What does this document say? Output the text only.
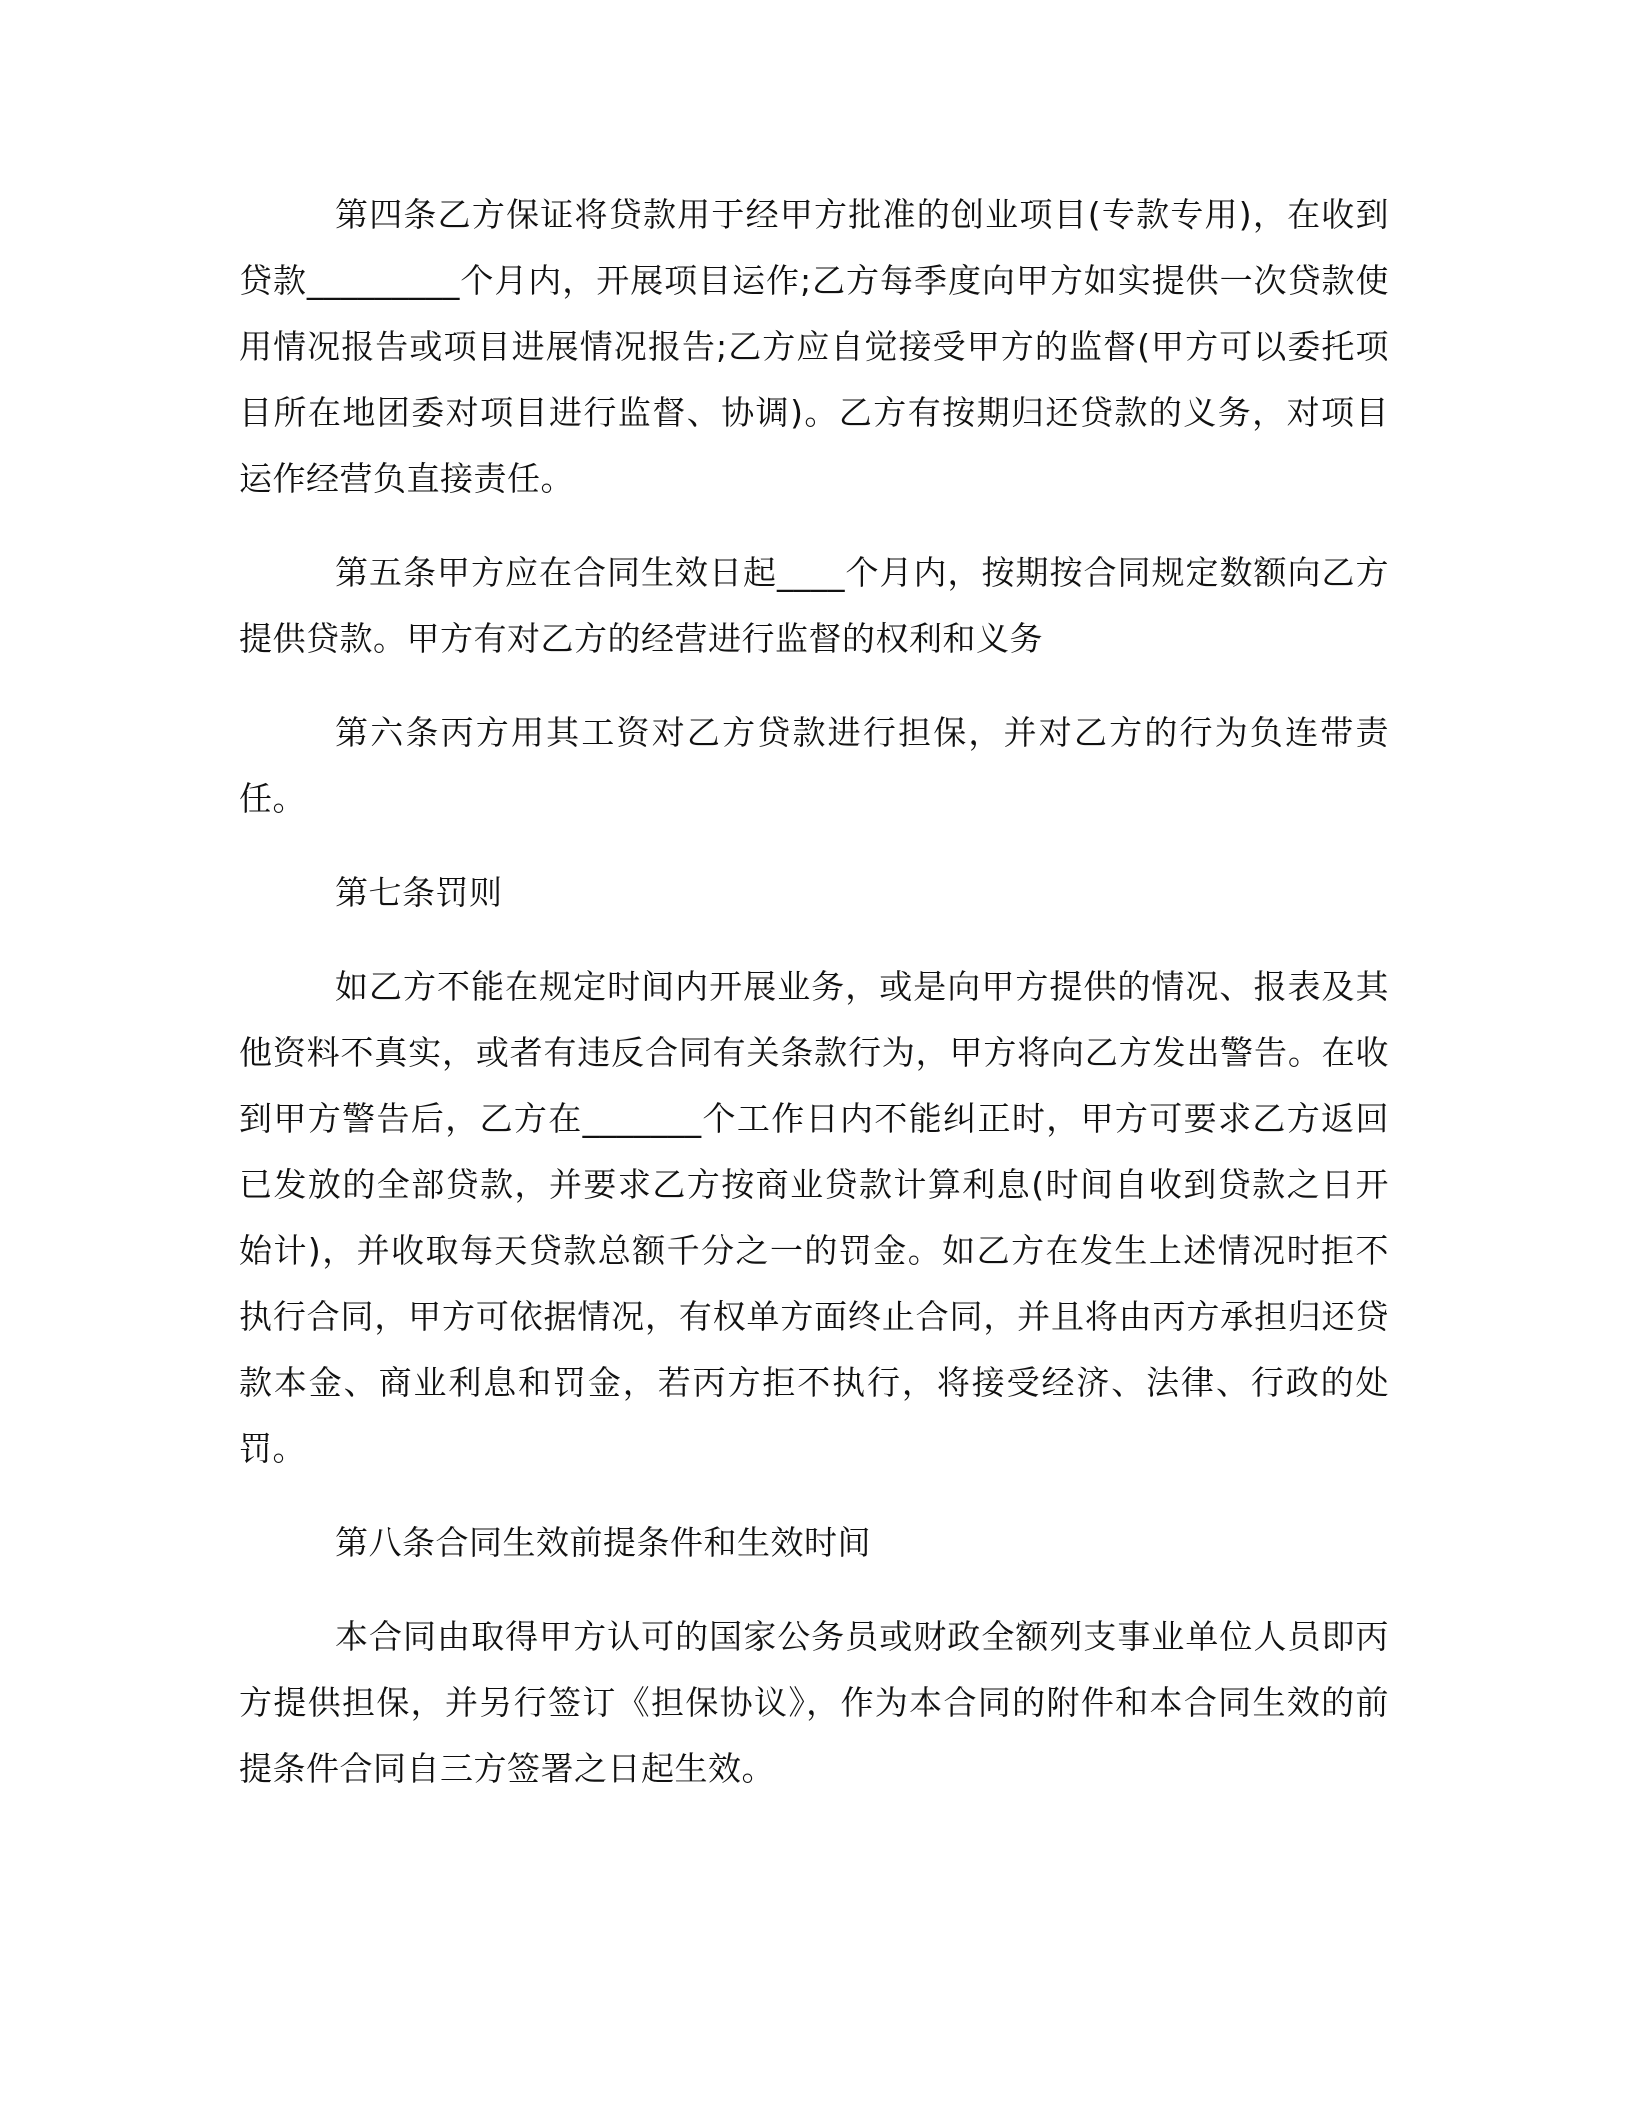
第四条乙方保证将贷款用于经甲方批准的创业项目(专款专用)，在收到贷款_________个月内，开展项目运作;乙方每季度向甲方如实提供一次贷款使用情况报告或项目进展情况报告;乙方应自觉接受甲方的监督(甲方可以委托项目所在地团委对项目进行监督、协调)。乙方有按期归还贷款的义务，对项目运作经营负直接责任。

第五条甲方应在合同生效日起____个月内，按期按合同规定数额向乙方提供贷款。甲方有对乙方的经营进行监督的权利和义务

第六条丙方用其工资对乙方贷款进行担保，并对乙方的行为负连带责任。

第七条罚则

如乙方不能在规定时间内开展业务，或是向甲方提供的情况、报表及其他资料不真实，或者有违反合同有关条款行为，甲方将向乙方发出警告。在收到甲方警告后，乙方在_______个工作日内不能纠正时，甲方可要求乙方返回已发放的全部贷款，并要求乙方按商业贷款计算利息(时间自收到贷款之日开始计)，并收取每天贷款总额千分之一的罚金。如乙方在发生上述情况时拒不执行合同，甲方可依据情况，有权单方面终止合同，并且将由丙方承担归还贷款本金、商业利息和罚金，若丙方拒不执行，将接受经济、法律、行政的处罚。

第八条合同生效前提条件和生效时间

本合同由取得甲方认可的国家公务员或财政全额列支事业单位人员即丙方提供担保，并另行签订《担保协议》，作为本合同的附件和本合同生效的前提条件合同自三方签署之日起生效。
